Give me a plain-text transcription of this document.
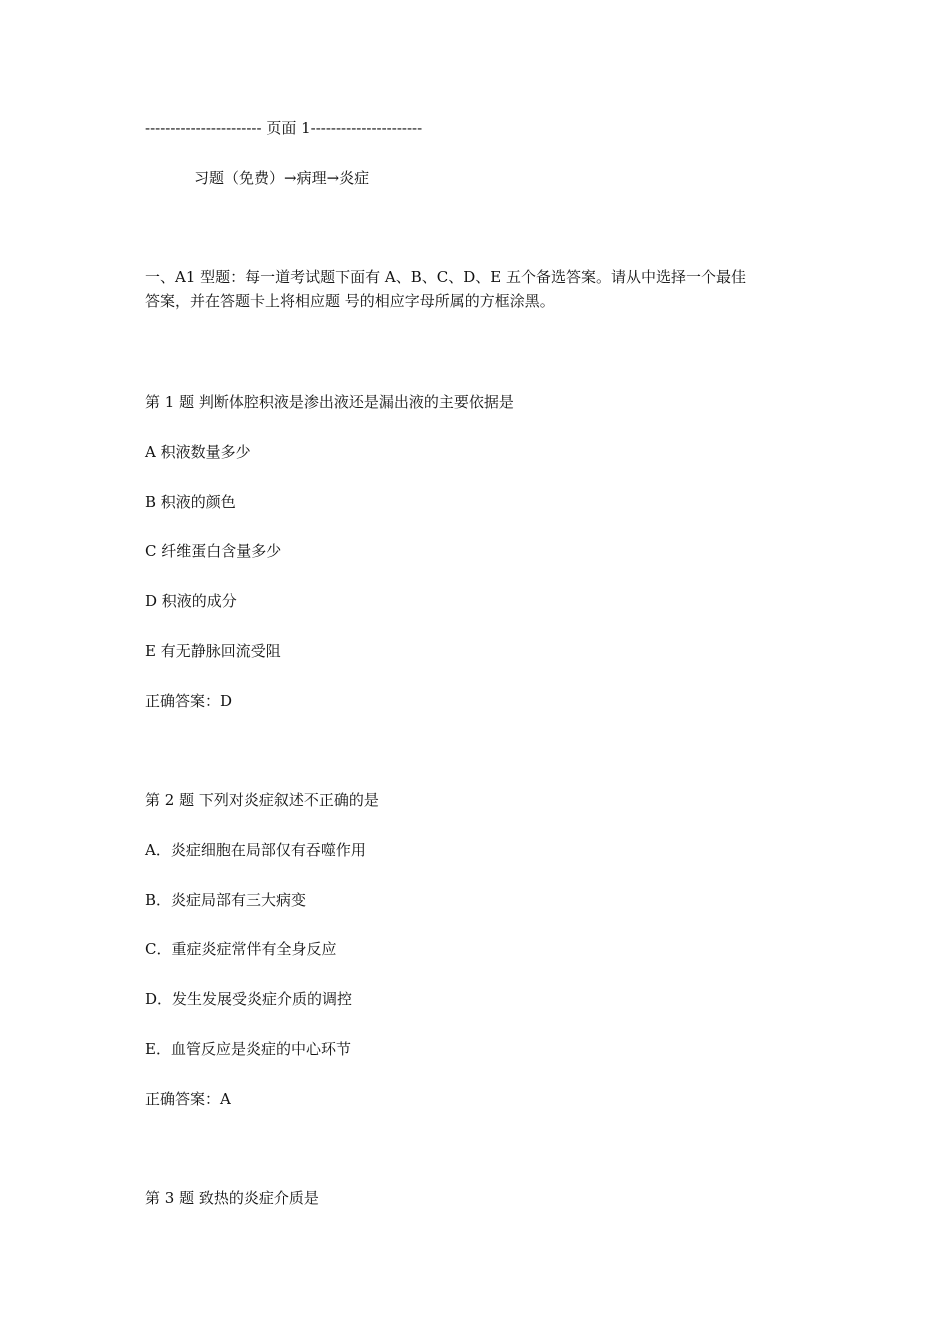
----------------------- 页面 1----------------------
习题（免费）→病理→炎症
一、A1 型题：每一道考试题下面有 A、B、C、D、E 五个备选答案。请从中选择一个最佳
答案，并在答题卡上将相应题 号的相应字母所属的方框涂黑。
第 1 题 判断体腔积液是渗出液还是漏出液的主要依据是
A 积液数量多少
B 积液的颜色
C 纤维蛋白含量多少
D 积液的成分
E 有无静脉回流受阻
正确答案：D
第 2 题 下列对炎症叙述不正确的是
A．炎症细胞在局部仅有吞噬作用
B．炎症局部有三大病变
C．重症炎症常伴有全身反应
D．发生发展受炎症介质的调控
E．血管反应是炎症的中心环节
正确答案：A
第 3 题 致热的炎症介质是
